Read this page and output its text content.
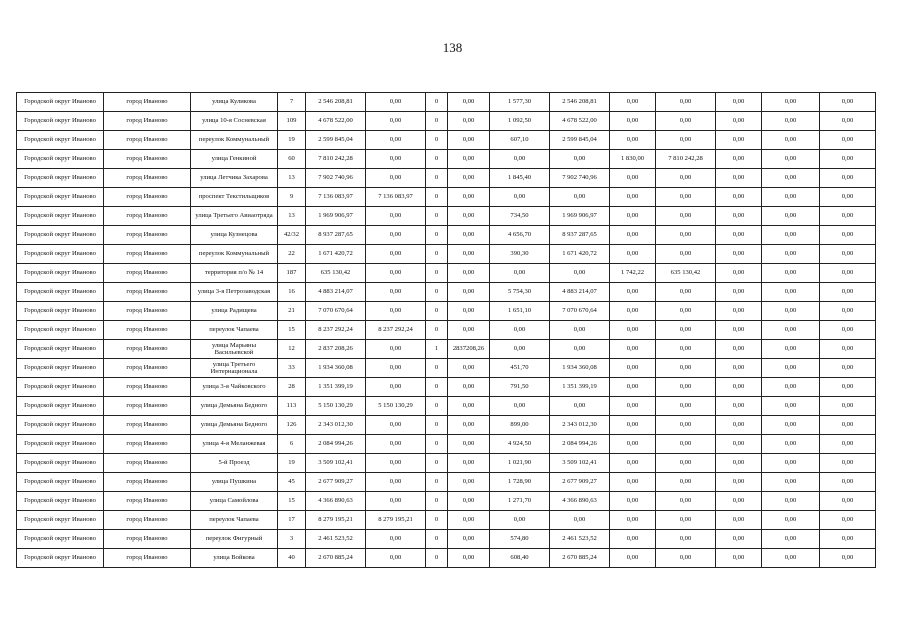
138
Городской округ Иваново	город Иваново	улица Куликова	7	2 546 208,81	0,00	0	0,00	1 577,30	2 546 208,81	0,00	0,00	0,00	0,00	0,00
Городской округ Иваново	город Иваново	улица 10-я Сосневская	109	4 678 522,00	0,00	0	0,00	1 092,50	4 678 522,00	0,00	0,00	0,00	0,00	0,00
Городской округ Иваново	город Иваново	переулок Коммунальный	19	2 599 845,04	0,00	0	0,00	607,10	2 599 845,04	0,00	0,00	0,00	0,00	0,00
Городской округ Иваново	город Иваново	улица Генкиной	60	7 810 242,28	0,00	0	0,00	0,00	0,00	1 830,00	7 810 242,28	0,00	0,00	0,00
Городской округ Иваново	город Иваново	улица Летчика Захарова	13	7 902 740,96	0,00	0	0,00	1 845,40	7 902 740,96	0,00	0,00	0,00	0,00	0,00
Городской округ Иваново	город Иваново	проспект Текстильщиков	9	7 136 083,97	7 136 083,97	0	0,00	0,00	0,00	0,00	0,00	0,00	0,00	0,00
Городской округ Иваново	город Иваново	улица Третьего Авиаотряда	13	1 969 906,97	0,00	0	0,00	734,50	1 969 906,97	0,00	0,00	0,00	0,00	0,00
Городской округ Иваново	город Иваново	улица Кузнецова	42/32	8 937 287,65	0,00	0	0,00	4 656,70	8 937 287,65	0,00	0,00	0,00	0,00	0,00
Городской округ Иваново	город Иваново	переулок Коммунальный	22	1 671 420,72	0,00	0	0,00	390,30	1 671 420,72	0,00	0,00	0,00	0,00	0,00
Городской округ Иваново	город Иваново	территория п/о № 14	187	635 130,42	0,00	0	0,00	0,00	0,00	1 742,22	635 130,42	0,00	0,00	0,00
Городской округ Иваново	город Иваново	улица 3-я Петрозаводская	16	4 883 214,07	0,00	0	0,00	5 754,30	4 883 214,07	0,00	0,00	0,00	0,00	0,00
Городской округ Иваново	город Иваново	улица Радищева	21	7 070 670,64	0,00	0	0,00	1 651,10	7 070 670,64	0,00	0,00	0,00	0,00	0,00
Городской округ Иваново	город Иваново	переулок Чапаева	15	8 237 292,24	8 237 292,24	0	0,00	0,00	0,00	0,00	0,00	0,00	0,00	0,00
Городской округ Иваново	город Иваново	улица Марьяны Васильевской	12	2 837 208,26	0,00	1	2837208,26	0,00	0,00	0,00	0,00	0,00	0,00	0,00
Городской округ Иваново	город Иваново	улица Третьего Интернационала	33	1 934 360,08	0,00	0	0,00	451,70	1 934 360,08	0,00	0,00	0,00	0,00	0,00
Городской округ Иваново	город Иваново	улица 3-я Чайковского	28	1 351 399,19	0,00	0	0,00	791,50	1 351 399,19	0,00	0,00	0,00	0,00	0,00
Городской округ Иваново	город Иваново	улица Демьяна Бедного	113	5 150 130,29	5 150 130,29	0	0,00	0,00	0,00	0,00	0,00	0,00	0,00	0,00
Городской округ Иваново	город Иваново	улица Демьяна Бедного	126	2 343 012,30	0,00	0	0,00	899,00	2 343 012,30	0,00	0,00	0,00	0,00	0,00
Городской округ Иваново	город Иваново	улица 4-я Меланжевая	6	2 084 994,26	0,00	0	0,00	4 924,50	2 084 994,26	0,00	0,00	0,00	0,00	0,00
Городской округ Иваново	город Иваново	5-й Проезд	19	3 509 102,41	0,00	0	0,00	1 021,90	3 509 102,41	0,00	0,00	0,00	0,00	0,00
Городской округ Иваново	город Иваново	улица Пушкина	45	2 677 909,27	0,00	0	0,00	1 728,90	2 677 909,27	0,00	0,00	0,00	0,00	0,00
Городской округ Иваново	город Иваново	улица Самойлова	15	4 366 890,63	0,00	0	0,00	1 271,70	4 366 890,63	0,00	0,00	0,00	0,00	0,00
Городской округ Иваново	город Иваново	переулок Чапаева	17	8 279 195,21	8 279 195,21	0	0,00	0,00	0,00	0,00	0,00	0,00	0,00	0,00
Городской округ Иваново	город Иваново	переулок Фигурный	3	2 461 523,52	0,00	0	0,00	574,80	2 461 523,52	0,00	0,00	0,00	0,00	0,00
Городской округ Иваново	город Иваново	улица Войкова	40	2 670 885,24	0,00	0	0,00	608,40	2 670 885,24	0,00	0,00	0,00	0,00	0,00
